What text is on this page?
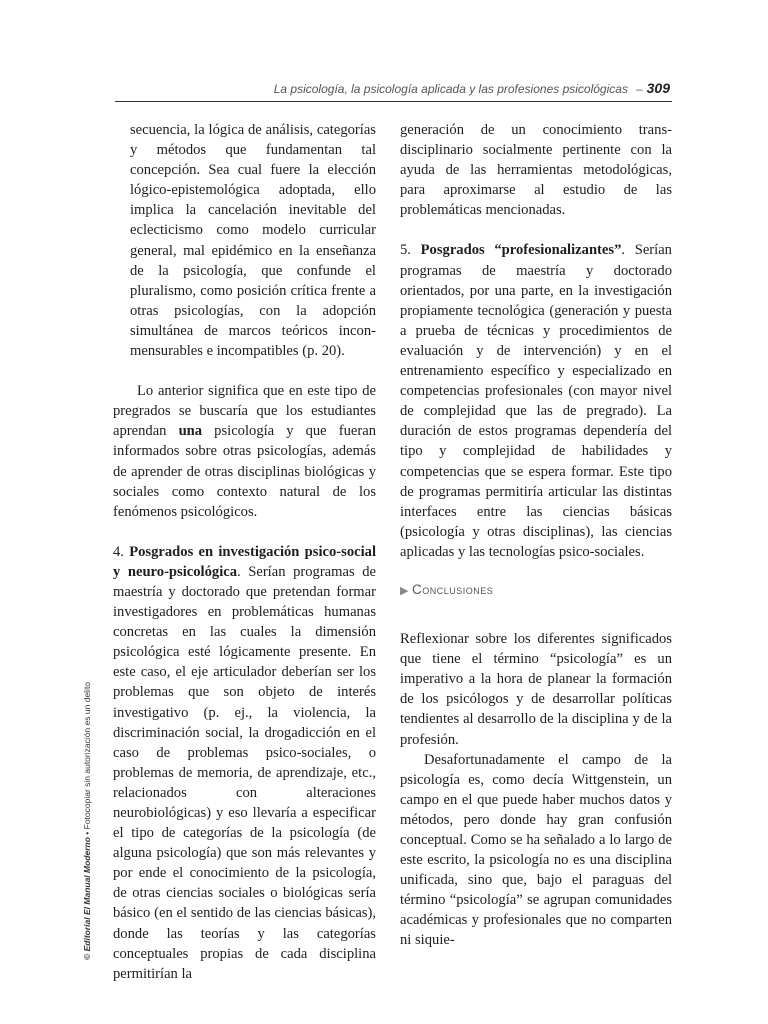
La psicología, la psicología aplicada y las profesiones psicológicas – 309

secuencia, la lógica de análisis, categorías y métodos que fundamentan tal concepción. Sea cual fuere la elección lógico-epistemológica adoptada, ello implica la cancelación inevitable del eclecticismo como modelo curricular general, mal epidémico en la enseñanza de la psicología, que confunde el pluralismo, como posición crítica frente a otras psicologías, con la adopción simultánea de marcos teóricos inconmensurables e incompatibles (p. 20).

Lo anterior significa que en este tipo de pregrados se buscaría que los estudiantes aprendan una psicología y que fueran informados sobre otras psicologías, además de aprender de otras disciplinas biológicas y sociales como contexto natural de los fenómenos psicológicos.

4. Posgrados en investigación psico-social y neuro-psicológica. Serían programas de maestría y doctorado que pretendan formar investigadores en problemáticas humanas concretas en las cuales la dimensión psicológica esté lógicamente presente. En este caso, el eje articulador deberían ser los problemas que son objeto de interés investigativo (p. ej., la violencia, la discriminación social, la drogadicción en el caso de problemas psico-sociales, o problemas de memoria, de aprendizaje, etc., relacionados con alteraciones neurobiológicas) y eso llevaría a especificar el tipo de categorías de la psicología (de alguna psicología) que son más relevantes y por ende el conocimiento de la psicología, de otras ciencias sociales o biológicas sería básico (en el sentido de las ciencias básicas), donde las teorías y las categorías conceptuales propias de cada disciplina permitirían la

generación de un conocimiento transdisciplinario socialmente pertinente con la ayuda de las herramientas metodológicas, para aproximarse al estudio de las problemáticas mencionadas.

5. Posgrados “profesionalizantes”. Serían programas de maestría y doctorado orientados, por una parte, en la investigación propiamente tecnológica (generación y puesta a prueba de técnicas y procedimientos de evaluación y de intervención) y en el entrenamiento específico y especializado en competencias profesionales (con mayor nivel de complejidad que las de pregrado). La duración de estos programas dependería del tipo y complejidad de habilidades y competencias que se espera formar. Este tipo de programas permitiría articular las distintas interfaces entre las ciencias básicas (psicología y otras disciplinas), las ciencias aplicadas y las tecnologías psico-sociales.

▶ Conclusiones

Reflexionar sobre los diferentes significados que tiene el término “psicología” es un imperativo a la hora de planear la formación de los psicólogos y de desarrollar políticas tendientes al desarrollo de la disciplina y de la profesión.

Desafortunadamente el campo de la psicología es, como decía Wittgenstein, un campo en el que puede haber muchos datos y métodos, pero donde hay gran confusión conceptual. Como se ha señalado a lo largo de este escrito, la psicología no es una disciplina unificada, sino que, bajo el paraguas del término “psicología” se agrupan comunidades académicas y profesionales que no comparten ni siquie-

© Editorial El Manual Moderno • Fotocopiar sin autorización es un delito
